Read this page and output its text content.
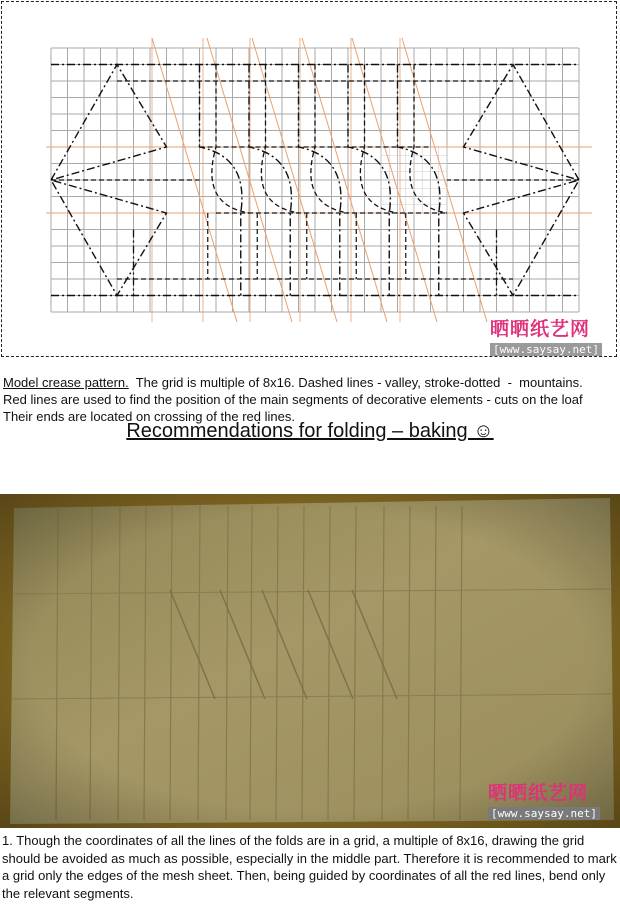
晒晒纸艺网
[www.saysay.net]
Model crease pattern.  The grid is multiple of 8x16. Dashed lines - valley, stroke-dotted  -  mountains.
Red lines are used to find the position of the main segments of decorative elements - cuts on the loaf
Their ends are located on crossing of the red lines.
Recommendations for folding – baking ☺
晒晒纸艺网
[www.saysay.net]
1. Though the coordinates of all the lines of the folds are in a grid, a multiple of 8x16, drawing the grid should be avoided as much as possible, especially in the middle part. Therefore it is recommended to mark a grid only the edges of the mesh sheet. Then, being guided by coordinates of all the red lines, bend only the relevant segments.
